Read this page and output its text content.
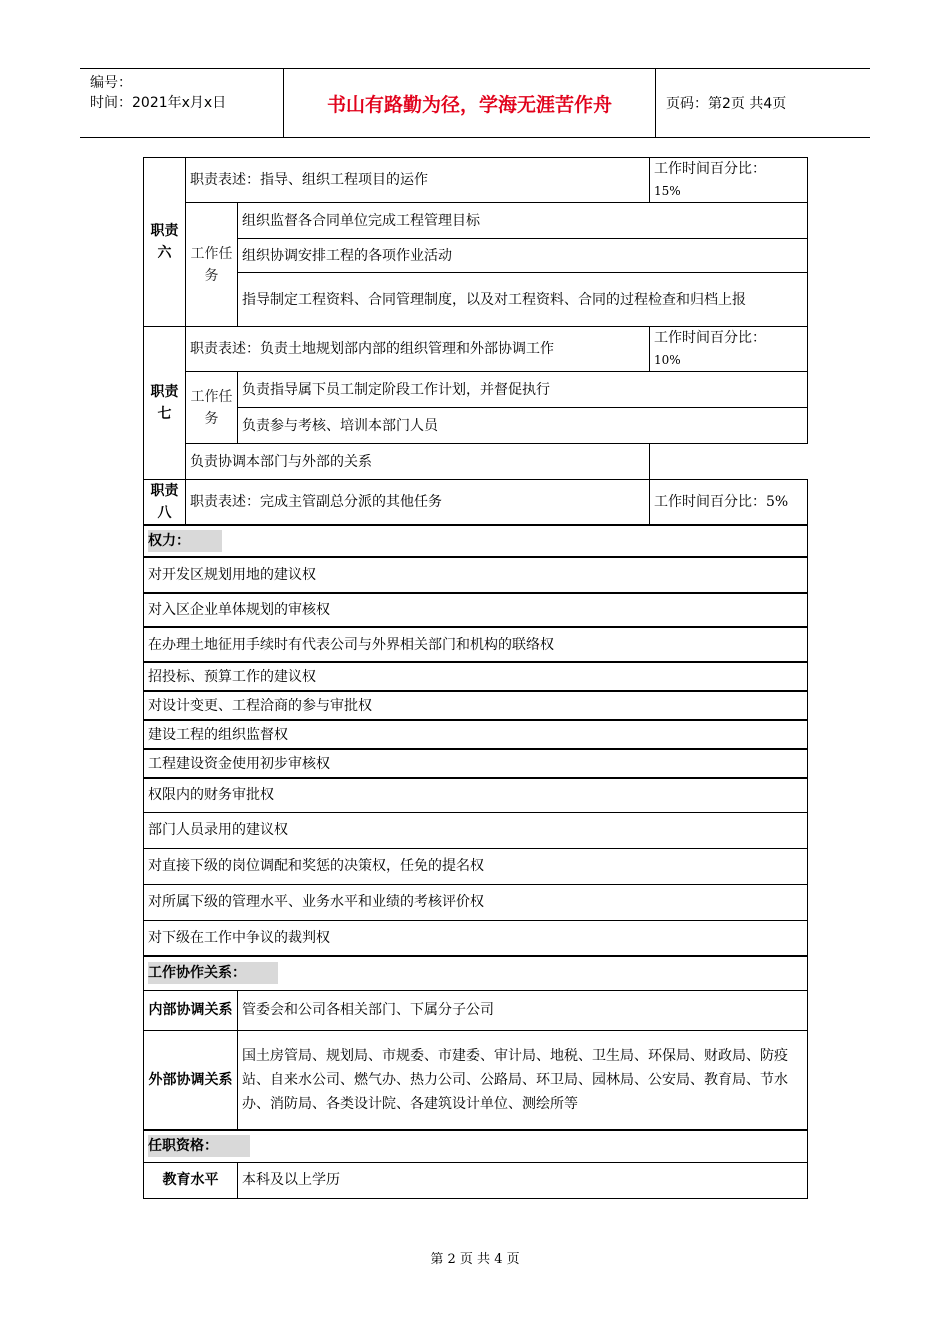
编号：
时间：2021年x月x日	书山有路勤为径，学海无涯苦作舟	页码：第2页 共4页
职责六	职责表述：指导、组织工程项目的运作		工作时间百分比：
15%
	工作任务	组织监督各合同单位完成工程管理目标	
		组织协调安排工程的各项作业活动	
		指导制定工程资料、合同管理制度，以及对工程资料、合同的过程检查和归档上报	
职责七	职责表述：负责土地规划部内部的组织管理和外部协调工作		工作时间百分比：
10%
	工作任务	负责指导属下员工制定阶段工作计划，并督促执行	
		负责参与考核、培训本部门人员	
	负责协调本部门与外部的关系		
职责八	职责表述：完成主管副总分派的其他任务		工作时间百分比：5%
权力：			
对开发区规划用地的建议权			
对入区企业单体规划的审核权			
在办理土地征用手续时有代表公司与外界相关部门和机构的联络权			
招投标、预算工作的建议权			
对设计变更、工程洽商的参与审批权			
建设工程的组织监督权			
工程建设资金使用初步审核权			
权限内的财务审批权			
部门人员录用的建议权			
对直接下级的岗位调配和奖惩的决策权，任免的提名权			
对所属下级的管理水平、业务水平和业绩的考核评价权			
对下级在工作中争议的裁判权			
工作协作关系：			
内部协调关系		管委会和公司各相关部门、下属分子公司	
外部协调关系		国土房管局、规划局、市规委、市建委、审计局、地税、卫生局、环保局、财政局、防疫站、自来水公司、燃气办、热力公司、公路局、环卫局、园林局、公安局、教育局、节水办、消防局、各类设计院、各建筑设计单位、测绘所等	
任职资格：			
教育水平		本科及以上学历	
第 2 页 共 4 页
